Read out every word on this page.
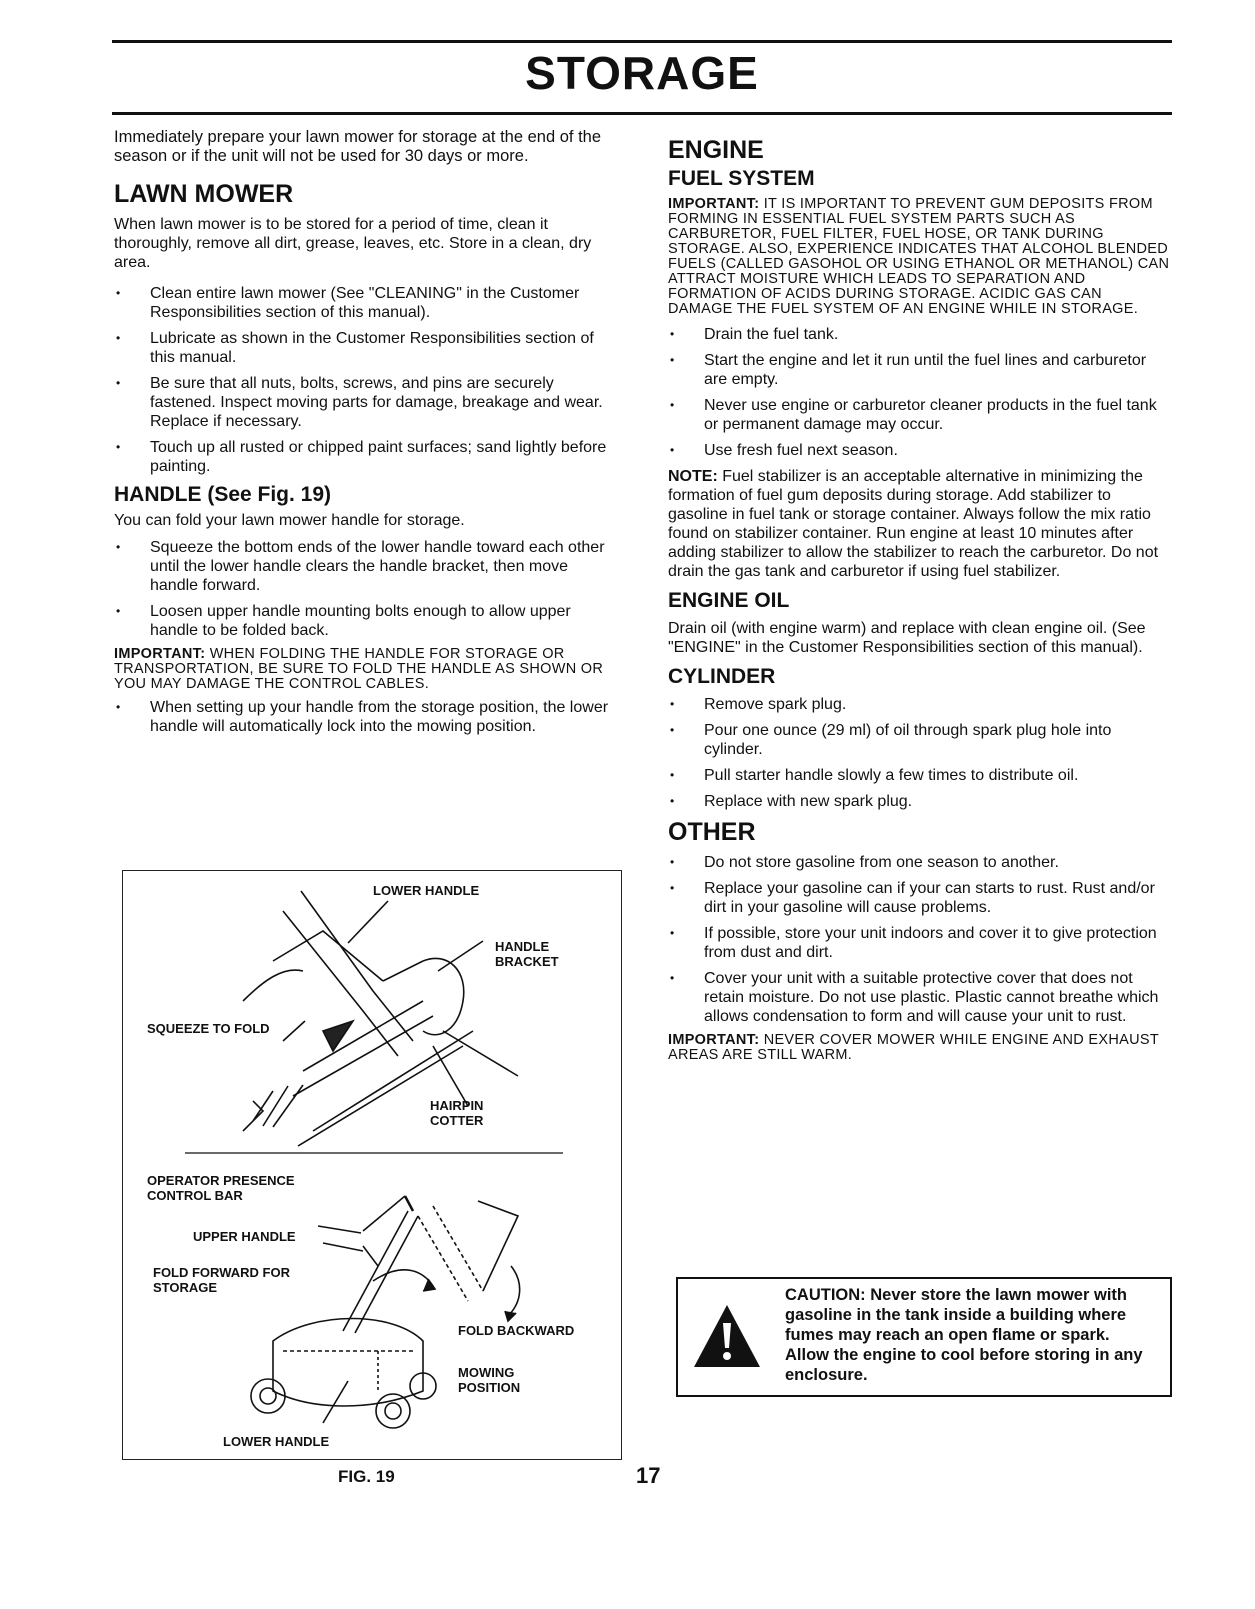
STORAGE

Immediately prepare your lawn mower for storage at the end of the season or if the unit will not be used for 30 days or more.

LAWN MOWER

When lawn mower is to be stored for a period of time, clean it thoroughly, remove all dirt, grease, leaves, etc. Store in a clean, dry area.

• Clean entire lawn mower (See "CLEANING" in the Customer Responsibilities section of this manual).
• Lubricate as shown in the Customer Responsibilities section of this manual.
• Be sure that all nuts, bolts, screws, and pins are securely fastened. Inspect moving parts for damage, breakage and wear. Replace if necessary.
• Touch up all rusted or chipped paint surfaces; sand lightly before painting.
HANDLE (See Fig. 19)

You can fold your lawn mower handle for storage.

• Squeeze the bottom ends of the lower handle toward each other until the lower handle clears the handle bracket, then move handle forward.
• Loosen upper handle mounting bolts enough to allow upper handle to be folded back.

IMPORTANT: WHEN FOLDING THE HANDLE FOR STORAGE OR TRANSPORTATION, BE SURE TO FOLD THE HANDLE AS SHOWN OR YOU MAY DAMAGE THE CONTROL CABLES.

• When setting up your handle from the storage position, the lower handle will automatically lock into the mowing position.
LOWER HANDLE
HANDLE BRACKET
SQUEEZE TO FOLD
HAIRPIN COTTER
OPERATOR PRESENCE CONTROL BAR
UPPER HANDLE
FOLD FORWARD FOR STORAGE
FOLD BACKWARD
MOWING POSITION
LOWER HANDLE
FIG. 19	17
ENGINE
FUEL SYSTEM

IMPORTANT: IT IS IMPORTANT TO PREVENT GUM DEPOSITS FROM FORMING IN ESSENTIAL FUEL SYSTEM PARTS SUCH AS CARBURETOR, FUEL FILTER, FUEL HOSE, OR TANK DURING STORAGE. ALSO, EXPERIENCE INDICATES THAT ALCOHOL BLENDED FUELS (CALLED GASOHOL OR USING ETHANOL OR METHANOL) CAN ATTRACT MOISTURE WHICH LEADS TO SEPARATION AND FORMATION OF ACIDS DURING STORAGE. ACIDIC GAS CAN DAMAGE THE FUEL SYSTEM OF AN ENGINE WHILE IN STORAGE.

• Drain the fuel tank.
• Start the engine and let it run until the fuel lines and carburetor are empty.
• Never use engine or carburetor cleaner products in the fuel tank or permanent damage may occur.
• Use fresh fuel next season.

NOTE: Fuel stabilizer is an acceptable alternative in minimizing the formation of fuel gum deposits during storage. Add stabilizer to gasoline in fuel tank or storage container. Always follow the mix ratio found on stabilizer container. Run engine at least 10 minutes after adding stabilizer to allow the stabilizer to reach the carburetor. Do not drain the gas tank and carburetor if using fuel stabilizer.

ENGINE OIL

Drain oil (with engine warm) and replace with clean engine oil. (See "ENGINE" in the Customer Responsibilities section of this manual).

CYLINDER
• Remove spark plug.
• Pour one ounce (29 ml) of oil through spark plug hole into cylinder.
• Pull starter handle slowly a few times to distribute oil.
• Replace with new spark plug.
OTHER
• Do not store gasoline from one season to another.
• Replace your gasoline can if your can starts to rust. Rust and/or dirt in your gasoline will cause problems.
• If possible, store your unit indoors and cover it to give protection from dust and dirt.
• Cover your unit with a suitable protective cover that does not retain moisture. Do not use plastic. Plastic cannot breathe which allows condensation to form and will cause your unit to rust.

IMPORTANT: NEVER COVER MOWER WHILE ENGINE AND EXHAUST AREAS ARE STILL WARM.

CAUTION: Never store the lawn mower with gasoline in the tank inside a building where fumes may reach an open flame or spark. Allow the engine to cool before storing in any enclosure.
